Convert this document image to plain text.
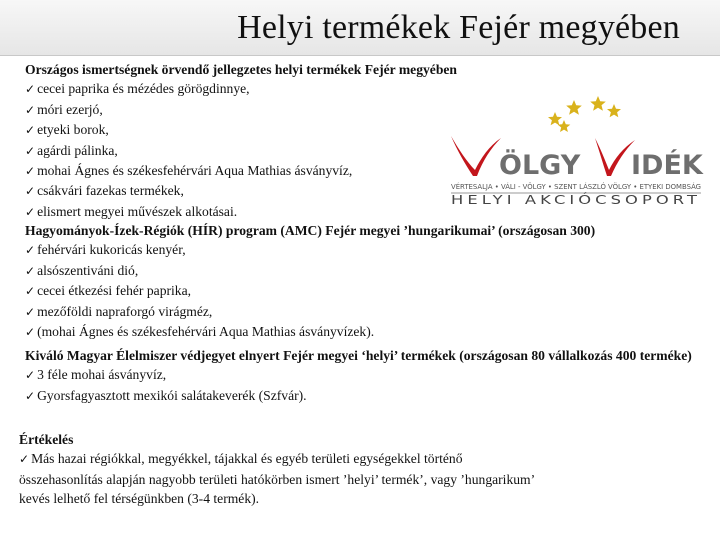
Helyi termékek Fejér megyében
Országos ismertségnek örvendő jellegzetes helyi termékek Fejér megyében
✓ cecei paprika és mézédes görögdinnye,
✓ móri ezerjó,
✓ etyeki borok,
✓ agárdi pálinka,
✓ mohai Ágnes és székesfehérvári Aqua Mathias ásványvíz,
✓ csákvári fazekas termékek,
✓ elismert megyei művészek alkotásai.
ÖLGY IDÉK
VÉRTESALJA • VÁLI - VÖLGY • SZENT LÁSZLÓ VÖLGY • ETYEKI DOMBSÁG
HELYI AKCIÓCSOPORT
Hagyományok-Ízek-Régiók (HÍR) program (AMC) Fejér megyei ’hungarikumai’ (országosan 300)
✓ fehérvári kukoricás kenyér,
✓ alsószentiváni dió,
✓ cecei étkezési fehér paprika,
✓ mezőföldi napraforgó virágméz,
✓ (mohai Ágnes és székesfehérvári Aqua Mathias ásványvízek).
Kiváló Magyar Élelmiszer védjegyet elnyert Fejér megyei ‘helyi’ termékek (országosan 80 vállalkozás 400 terméke)
✓ 3 féle mohai ásványvíz,
✓ Gyorsfagyasztott mexikói salátakeverék (Szfvár).
Értékelés
✓ Más hazai régiókkal, megyékkel, tájakkal és egyéb területi egységekkel történő összehasonlítás alapján nagyobb területi hatókörben ismert ’helyi’ termék’, vagy ’hungarikum’ kevés lelhető fel térségünkben (3-4 termék).
